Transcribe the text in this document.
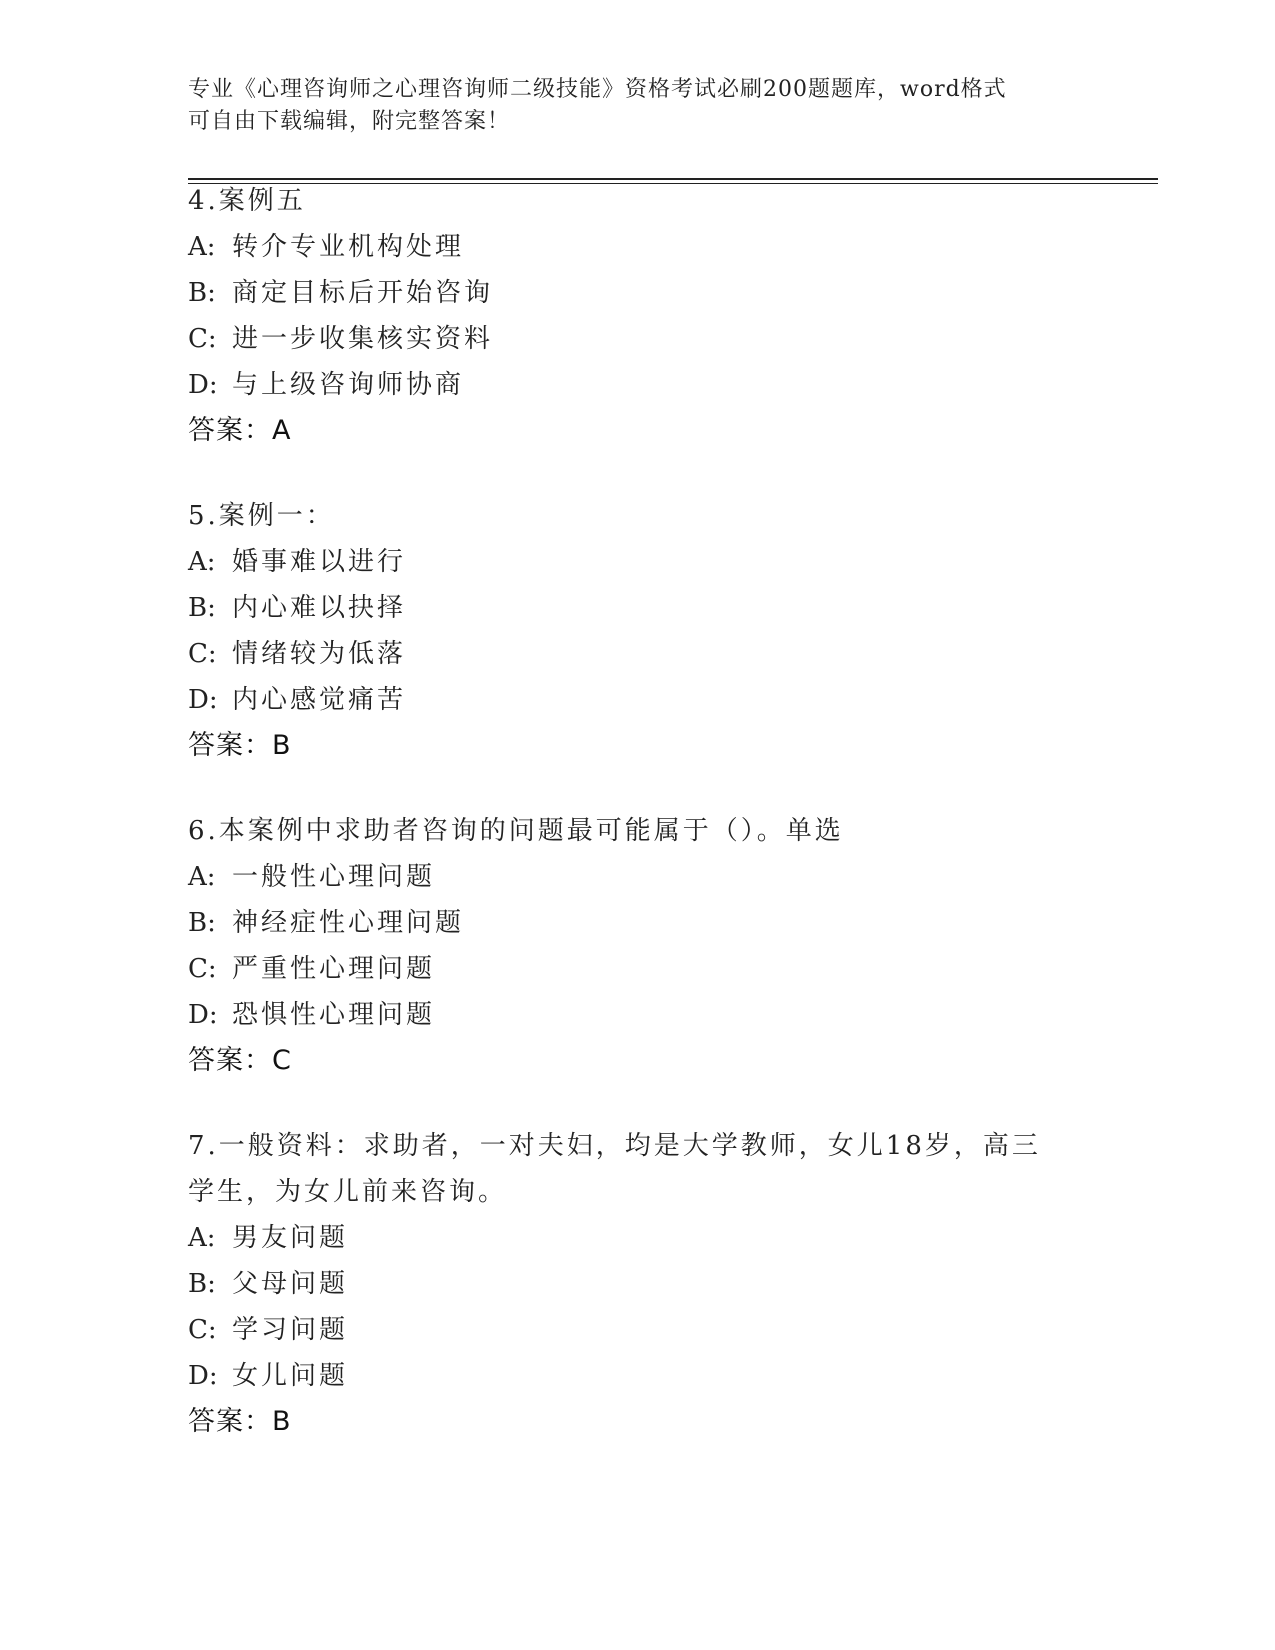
专业《心理咨询师之心理咨询师二级技能》资格考试必刷200题题库，word格式
可自由下载编辑，附完整答案！
4.案例五
A: 转介专业机构处理
B: 商定目标后开始咨询
C: 进一步收集核实资料
D: 与上级咨询师协商
答案：A
5.案例一：
A: 婚事难以进行
B: 内心难以抉择
C: 情绪较为低落
D: 内心感觉痛苦
答案：B
6.本案例中求助者咨询的问题最可能属于（）。单选
A: 一般性心理问题
B: 神经症性心理问题
C: 严重性心理问题
D: 恐惧性心理问题
答案：C
7.一般资料：求助者，一对夫妇，均是大学教师，女儿18岁，高三学生，为女儿前来咨询。
A: 男友问题
B: 父母问题
C: 学习问题
D: 女儿问题
答案：B
